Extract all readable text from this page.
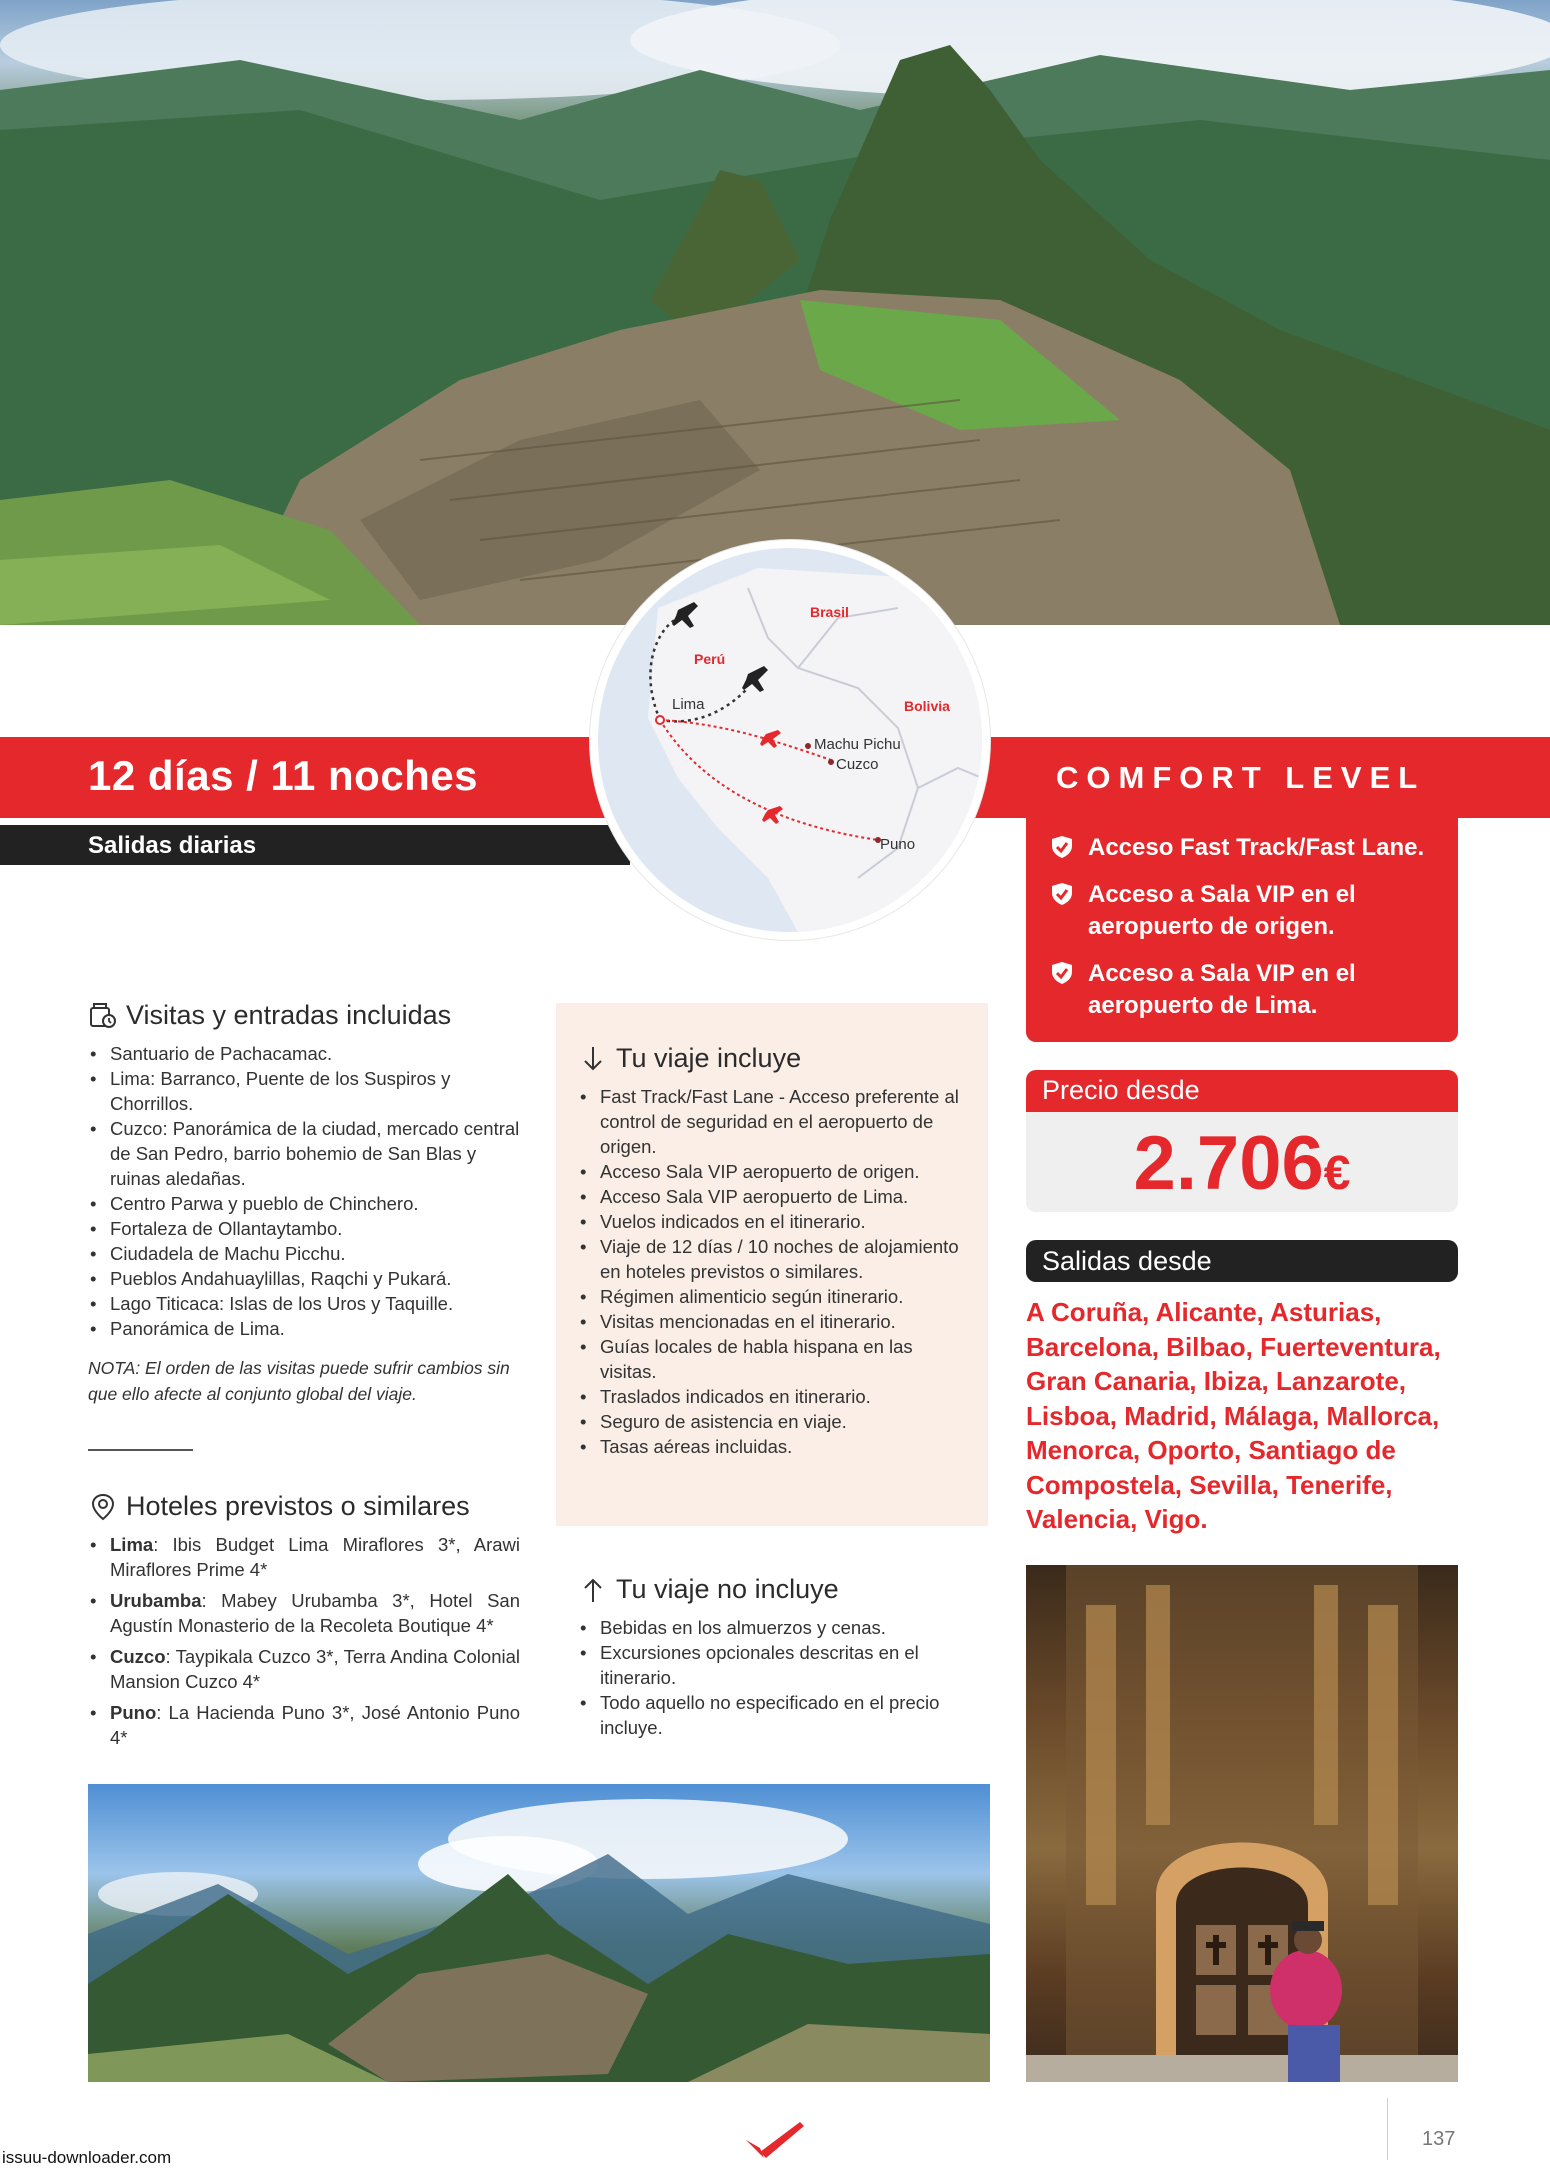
12 días / 11 noches
Salidas diarias
COMFORT LEVEL
Brasil
Perú
Bolivia
Lima
Machu Pichu
Cuzco
Puno	Acceso Fast Track/Fast Lane.
Acceso a Sala VIP en el aeropuerto de origen.
Acceso a Sala VIP en el aeropuerto de Lima.
Precio desde
2.706€
Salidas desde
A Coruña, Alicante, Asturias, Barcelona, Bilbao, Fuerteventura, Gran Canaria, Ibiza, Lanzarote, Lisboa, Madrid, Málaga, Mallorca, Menorca, Oporto, Santiago de Compostela, Sevilla, Tenerife, Valencia, Vigo.
Visitas y entradas incluidas
• Santuario de Pachacamac.
• Lima: Barranco, Puente de los Suspiros y Chorrillos.
• Cuzco: Panorámica de la ciudad, mercado central de San Pedro, barrio bohemio de San Blas y ruinas aledañas.
• Centro Parwa y pueblo de Chinchero.
• Fortaleza de Ollantaytambo.
• Ciudadela de Machu Picchu.
• Pueblos Andahuaylillas, Raqchi y Pukará.
• Lago Titicaca: Islas de los Uros y Taquille.
• Panorámica de Lima.

NOTA: El orden de las visitas puede sufrir cambios sin que ello afecte al conjunto global del viaje.

Hoteles previstos o similares
• Lima: Ibis Budget Lima Miraflores 3*, Arawi Miraflores Prime 4*
• Urubamba: Mabey Urubamba 3*, Hotel San Agustín Monasterio de la Recoleta Boutique 4*
• Cuzco: Taypikala Cuzco 3*, Terra Andina Colonial Mansion Cuzco 4*
• Puno: La Hacienda Puno 3*, José Antonio Puno 4*
Tu viaje incluye
• Fast Track/Fast Lane - Acceso preferente al control de seguridad en el aeropuerto de origen.
• Acceso Sala VIP aeropuerto de origen.
• Acceso Sala VIP aeropuerto de Lima.
• Vuelos indicados en el itinerario.
• Viaje de 12 días / 10 noches de alojamiento en hoteles previstos o similares.
• Régimen alimenticio según itinerario.
• Visitas mencionadas en el itinerario.
• Guías locales de habla hispana en las visitas.
• Traslados indicados en itinerario.
• Seguro de asistencia en viaje.
• Tasas aéreas incluidas.
Tu viaje no incluye
• Bebidas en los almuerzos y cenas.
• Excursiones opcionales descritas en el itinerario.
• Todo aquello no especificado en el precio incluye.
137
issuu-downloader.com
